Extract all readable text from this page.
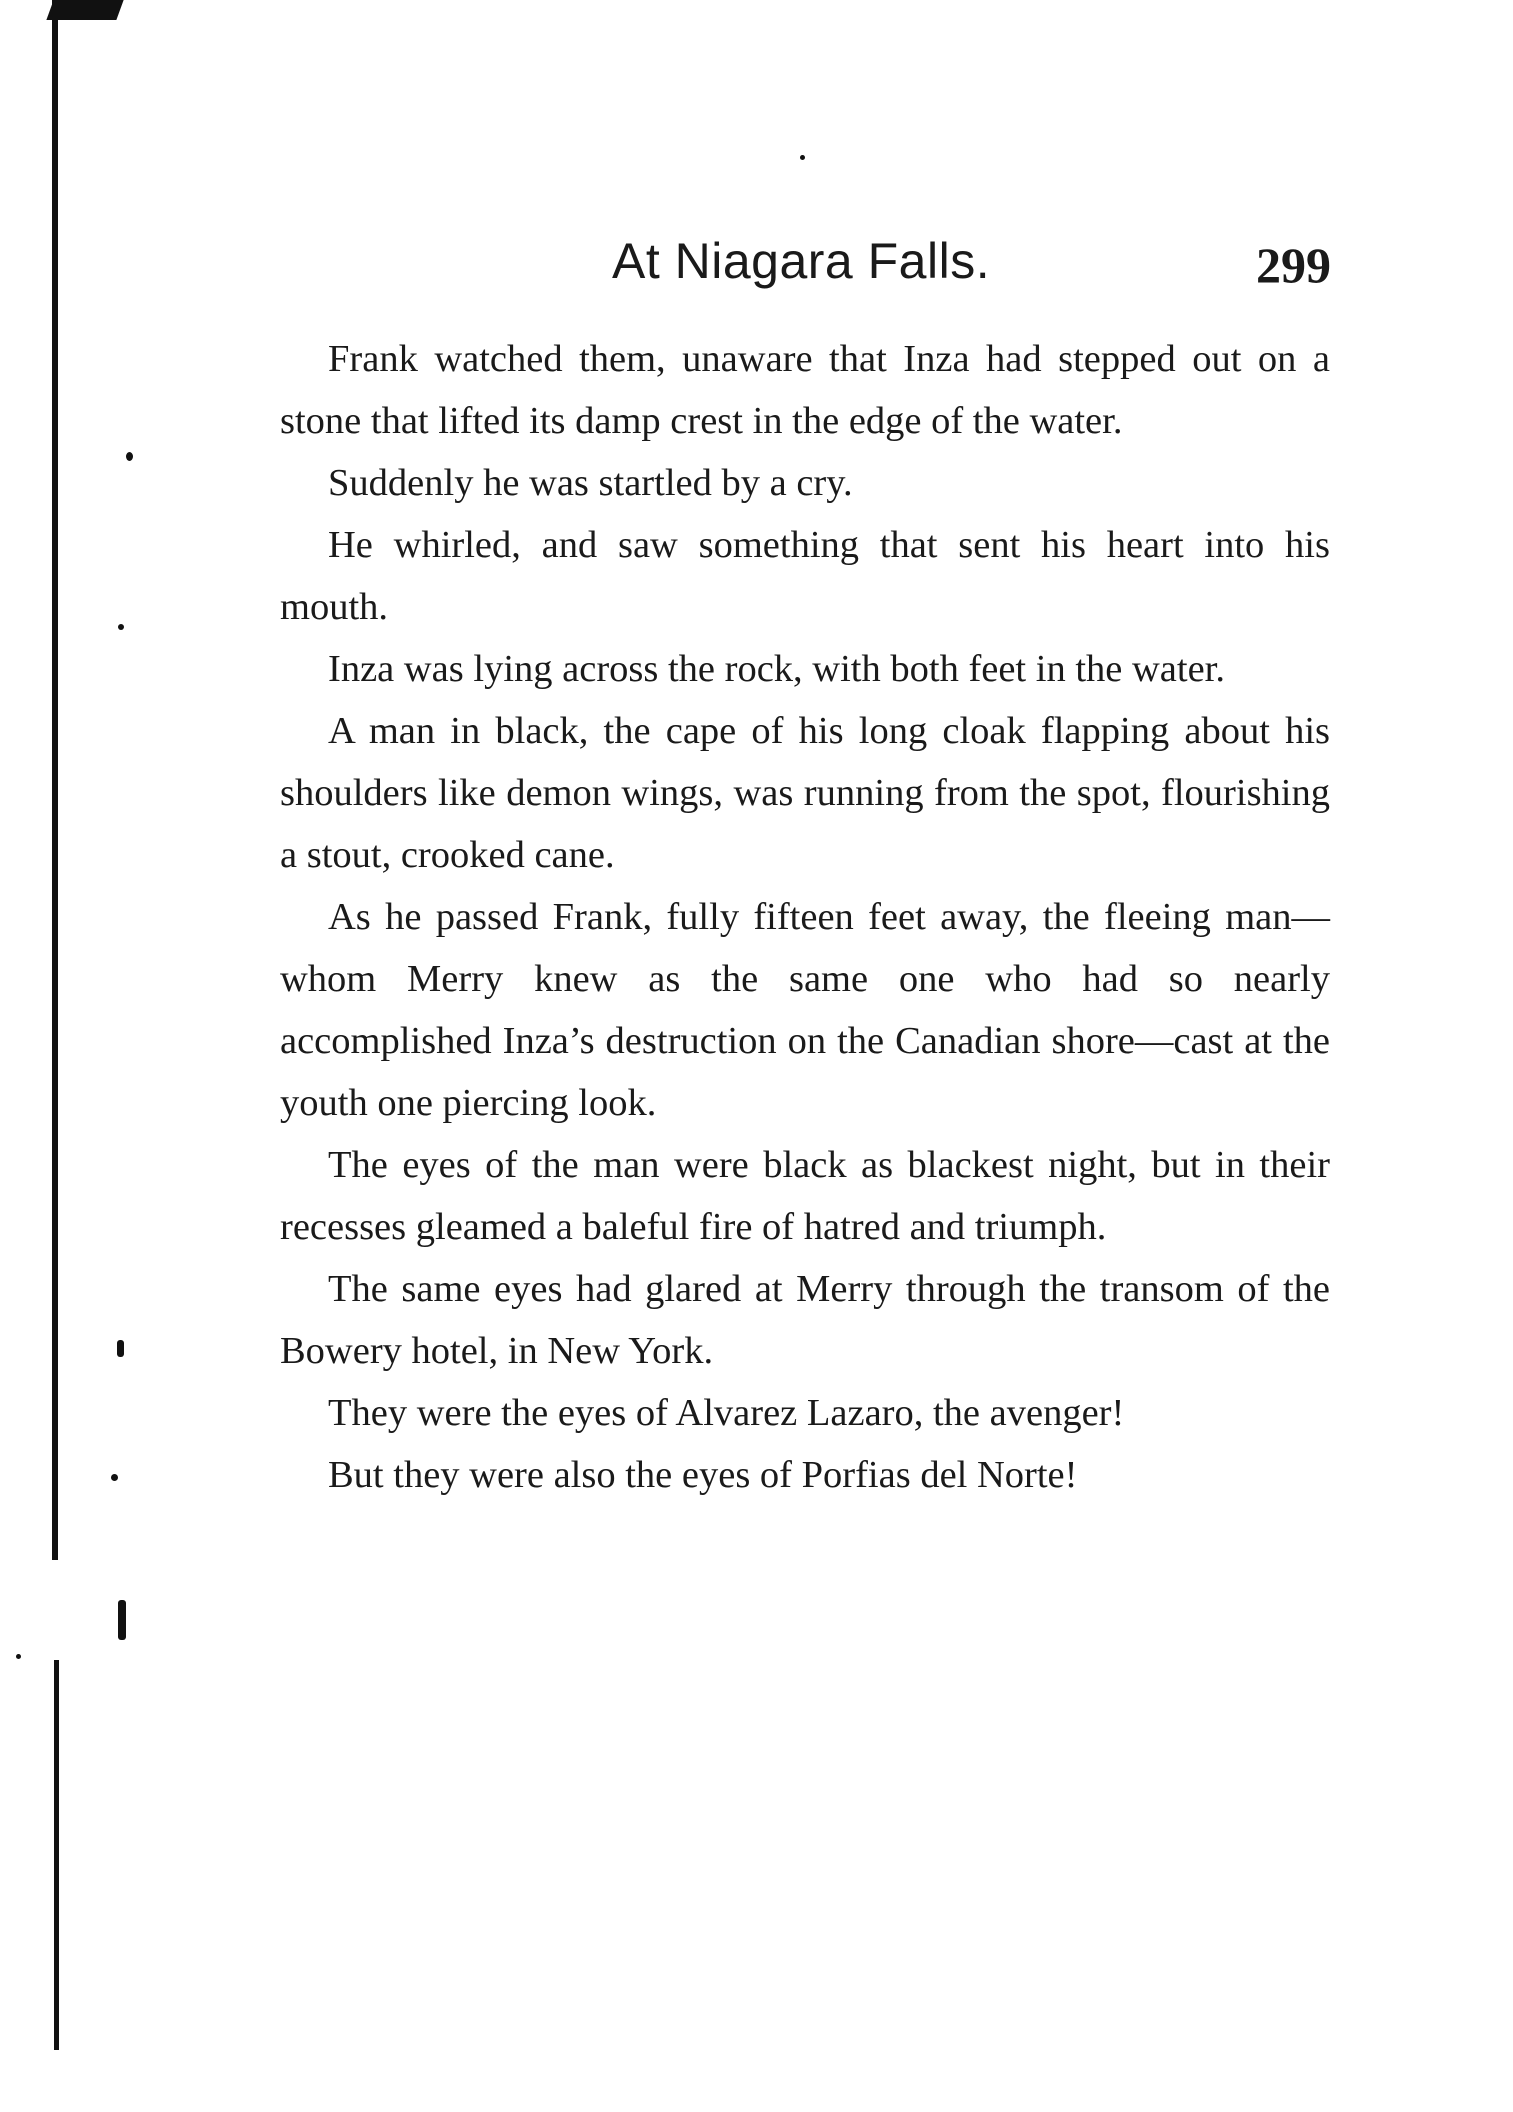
At Niagara Falls.	299

Frank watched them, unaware that Inza had stepped out on a stone that lifted its damp crest in the edge of the water.

Suddenly he was startled by a cry.

He whirled, and saw something that sent his heart into his mouth.

Inza was lying across the rock, with both feet in the water.

A man in black, the cape of his long cloak flapping about his shoulders like demon wings, was running from the spot, flourishing a stout, crooked cane.

As he passed Frank, fully fifteen feet away, the fleeing man—whom Merry knew as the same one who had so nearly accomplished Inza’s destruction on the Canadian shore—cast at the youth one piercing look.

The eyes of the man were black as blackest night, but in their recesses gleamed a baleful fire of hatred and triumph.

The same eyes had glared at Merry through the transom of the Bowery hotel, in New York.

They were the eyes of Alvarez Lazaro, the avenger!

But they were also the eyes of Porfias del Norte!
